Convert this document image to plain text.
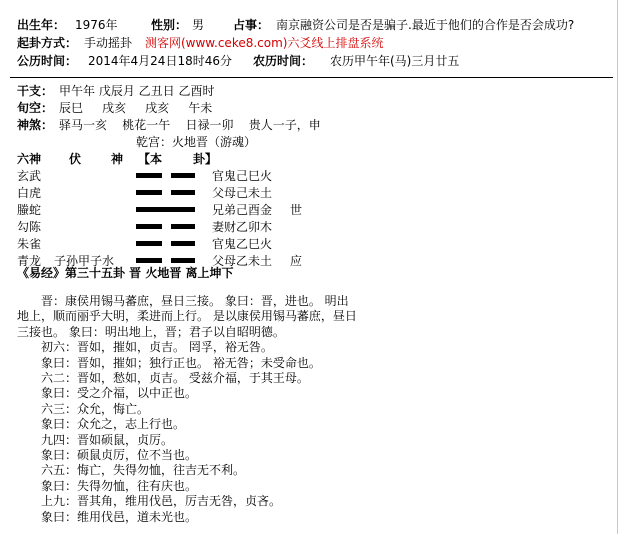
出生年： 1976年	性别： 男 占事： 南京融资公司是否是骗子.最近于他们的合作是否会成功?
起卦方式： 手动摇卦 测客网(www.ceke8.com)六爻线上排盘系统
公历时间： 2014年4月24日18时46分 农历时间： 农历甲午年(马)三月廿五
干支： 甲午年 戊辰月 乙丑日 乙酉时
旬空： 辰巳     戌亥     戌亥     午未
神煞： 驿马一亥    桃花一午    日禄一卯    贵人一子，申
乾宫：火地晋（游魂）
六神 伏 神 【本	卦】
玄武	官鬼己巳火
白虎	父母己未土
螣蛇	兄弟己酉金 世
勾陈	妻财乙卯木
朱雀	官鬼乙巳火
青龙 子孙甲子水	父母乙未土 应
《易经》第三十五卦 晋 火地晋 离上坤下
　　晋：康侯用锡马蕃庶，昼日三接。 象曰：晋，进也。 明出
地上，顺而丽乎大明，柔进而上行。 是以康侯用锡马蕃庶，昼日
三接也。 象曰：明出地上，晋；君子以自昭明德。
　　初六：晋如，摧如，贞吉。 罔孚，裕无咎。
　　象曰：晋如，摧如；独行正也。 裕无咎；未受命也。
　　六二：晋如，愁如，贞吉。 受兹介福，于其王母。
　　象曰：受之介福，以中正也。
　　六三：众允，悔亡。
　　象曰：众允之，志上行也。
　　九四：晋如硕鼠，贞厉。
　　象曰：硕鼠贞厉，位不当也。
　　六五：悔亡，失得勿恤，往吉无不利。
　　象曰：失得勿恤，往有庆也。
　　上九：晋其角，维用伐邑，厉吉无咎，贞吝。
　　象曰：维用伐邑，道未光也。
